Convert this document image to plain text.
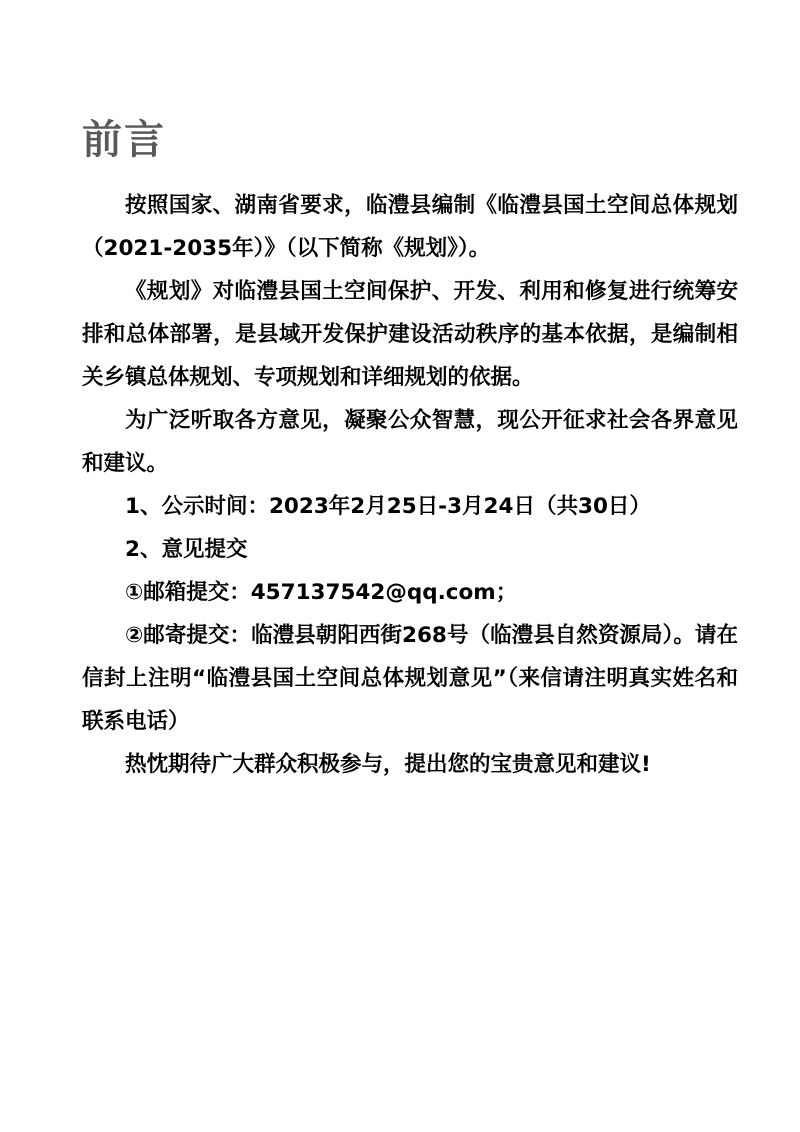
前言

按照国家、湖南省要求，临澧县编制《临澧县国土空间总体规划（2021-2035年）》（以下简称《规划》）。

《规划》对临澧县国土空间保护、开发、利用和修复进行统筹安排和总体部署，是县域开发保护建设活动秩序的基本依据，是编制相关乡镇总体规划、专项规划和详细规划的依据。

为广泛听取各方意见，凝聚公众智慧，现公开征求社会各界意见和建议。

1、公示时间：2023年2月25日-3月24日（共30日）

2、意见提交

①邮箱提交：457137542@qq.com；

②邮寄提交：临澧县朝阳西街268号（临澧县自然资源局）。请在信封上注明“临澧县国土空间总体规划意见”（来信请注明真实姓名和联系电话）

热忱期待广大群众积极参与，提出您的宝贵意见和建议!
